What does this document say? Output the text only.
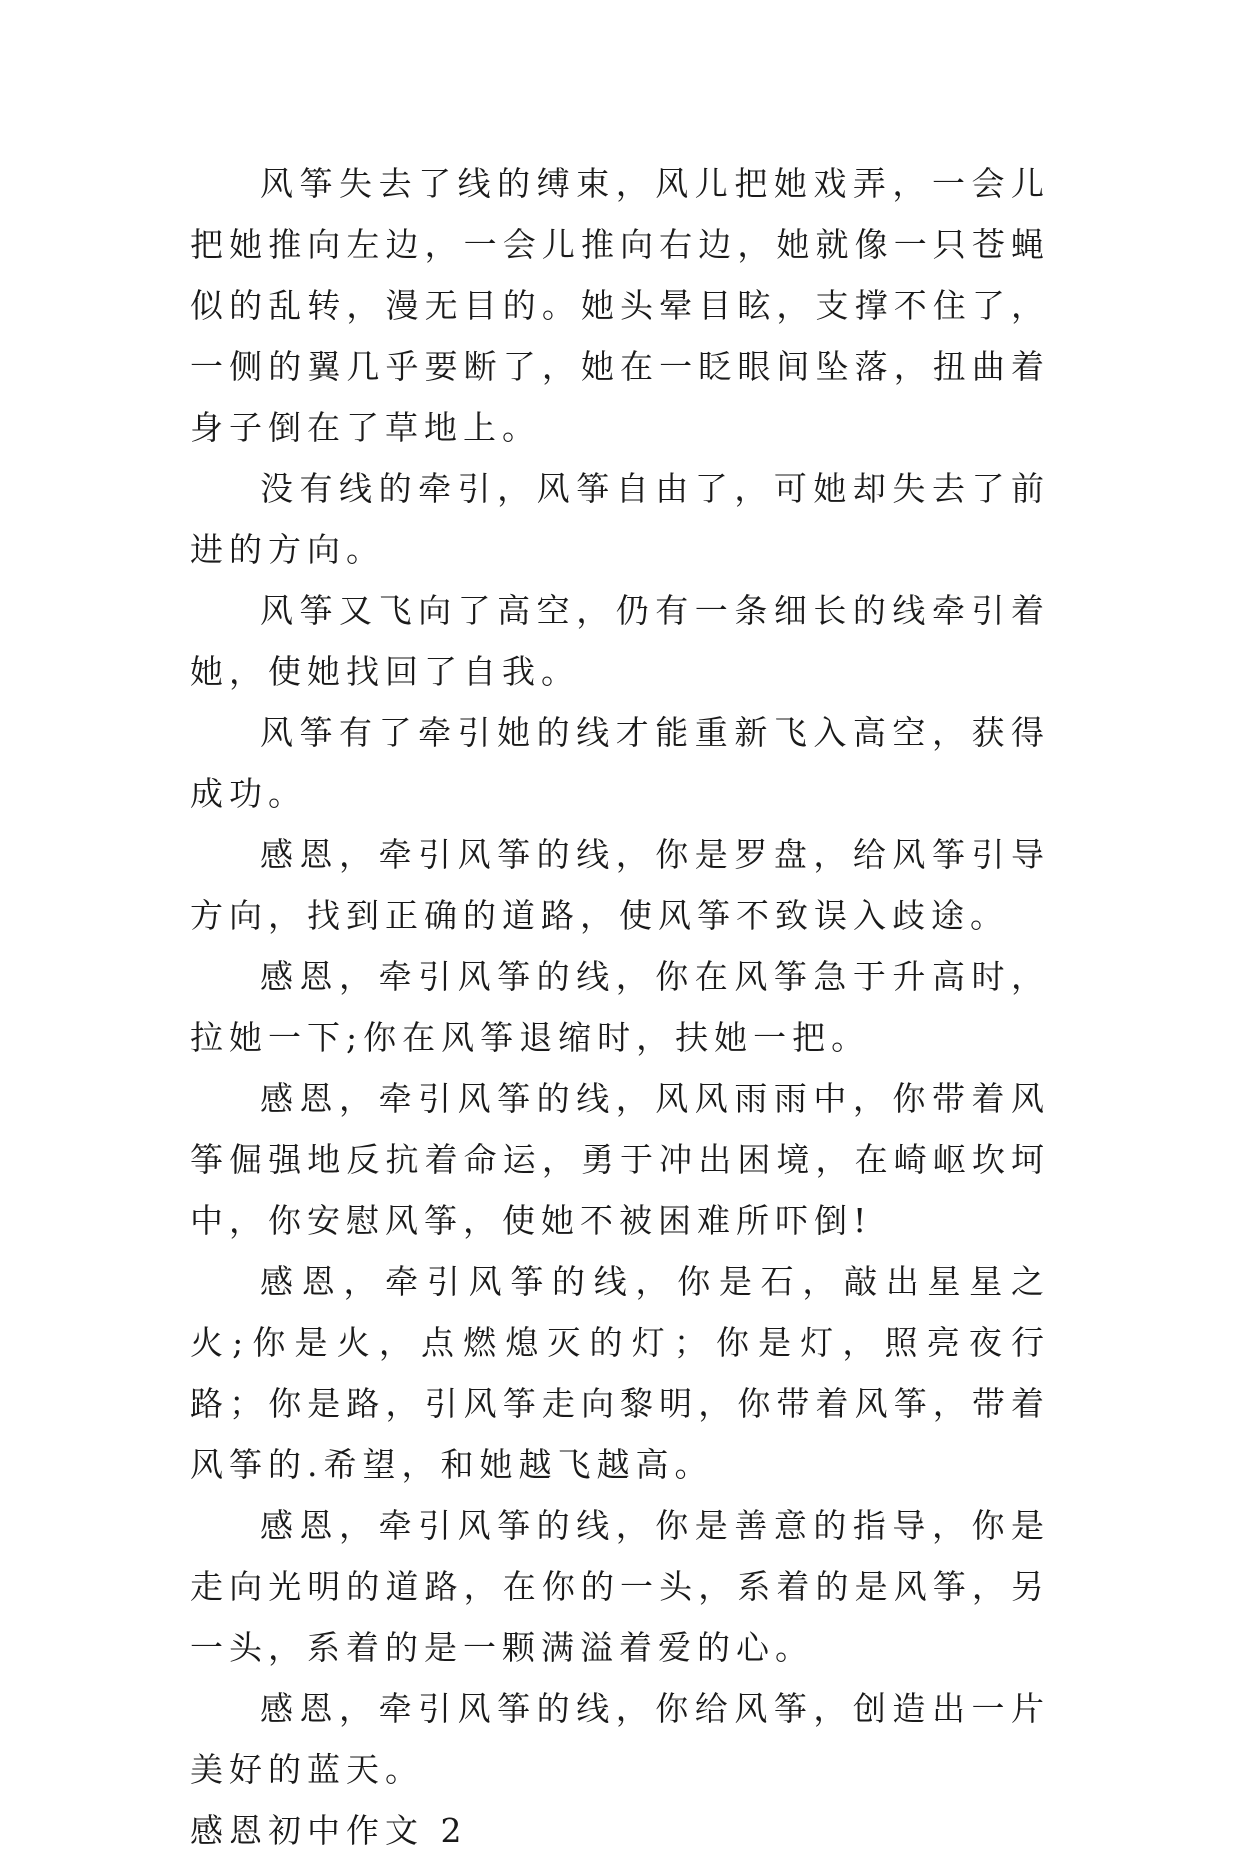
风筝失去了线的缚束，风儿把她戏弄，一会儿把她推向左边，一会儿推向右边，她就像一只苍蝇似的乱转，漫无目的。她头晕目眩，支撑不住了，一侧的翼几乎要断了，她在一眨眼间坠落，扭曲着身子倒在了草地上。

没有线的牵引，风筝自由了，可她却失去了前进的方向。

风筝又飞向了高空，仍有一条细长的线牵引着她，使她找回了自我。

风筝有了牵引她的线才能重新飞入高空，获得成功。

感恩，牵引风筝的线，你是罗盘，给风筝引导方向，找到正确的道路，使风筝不致误入歧途。

感恩，牵引风筝的线，你在风筝急于升高时，拉她一下;你在风筝退缩时，扶她一把。

感恩，牵引风筝的线，风风雨雨中，你带着风筝倔强地反抗着命运，勇于冲出困境，在崎岖坎坷中，你安慰风筝，使她不被困难所吓倒!

感恩，牵引风筝的线，你是石，敲出星星之火;你是火，点燃熄灭的灯；你是灯，照亮夜行路；你是路，引风筝走向黎明，你带着风筝，带着风筝的.希望，和她越飞越高。

感恩，牵引风筝的线，你是善意的指导，你是走向光明的道路，在你的一头，系着的是风筝，另一头，系着的是一颗满溢着爱的心。

感恩，牵引风筝的线，你给风筝，创造出一片美好的蓝天。

感恩初中作文 2
